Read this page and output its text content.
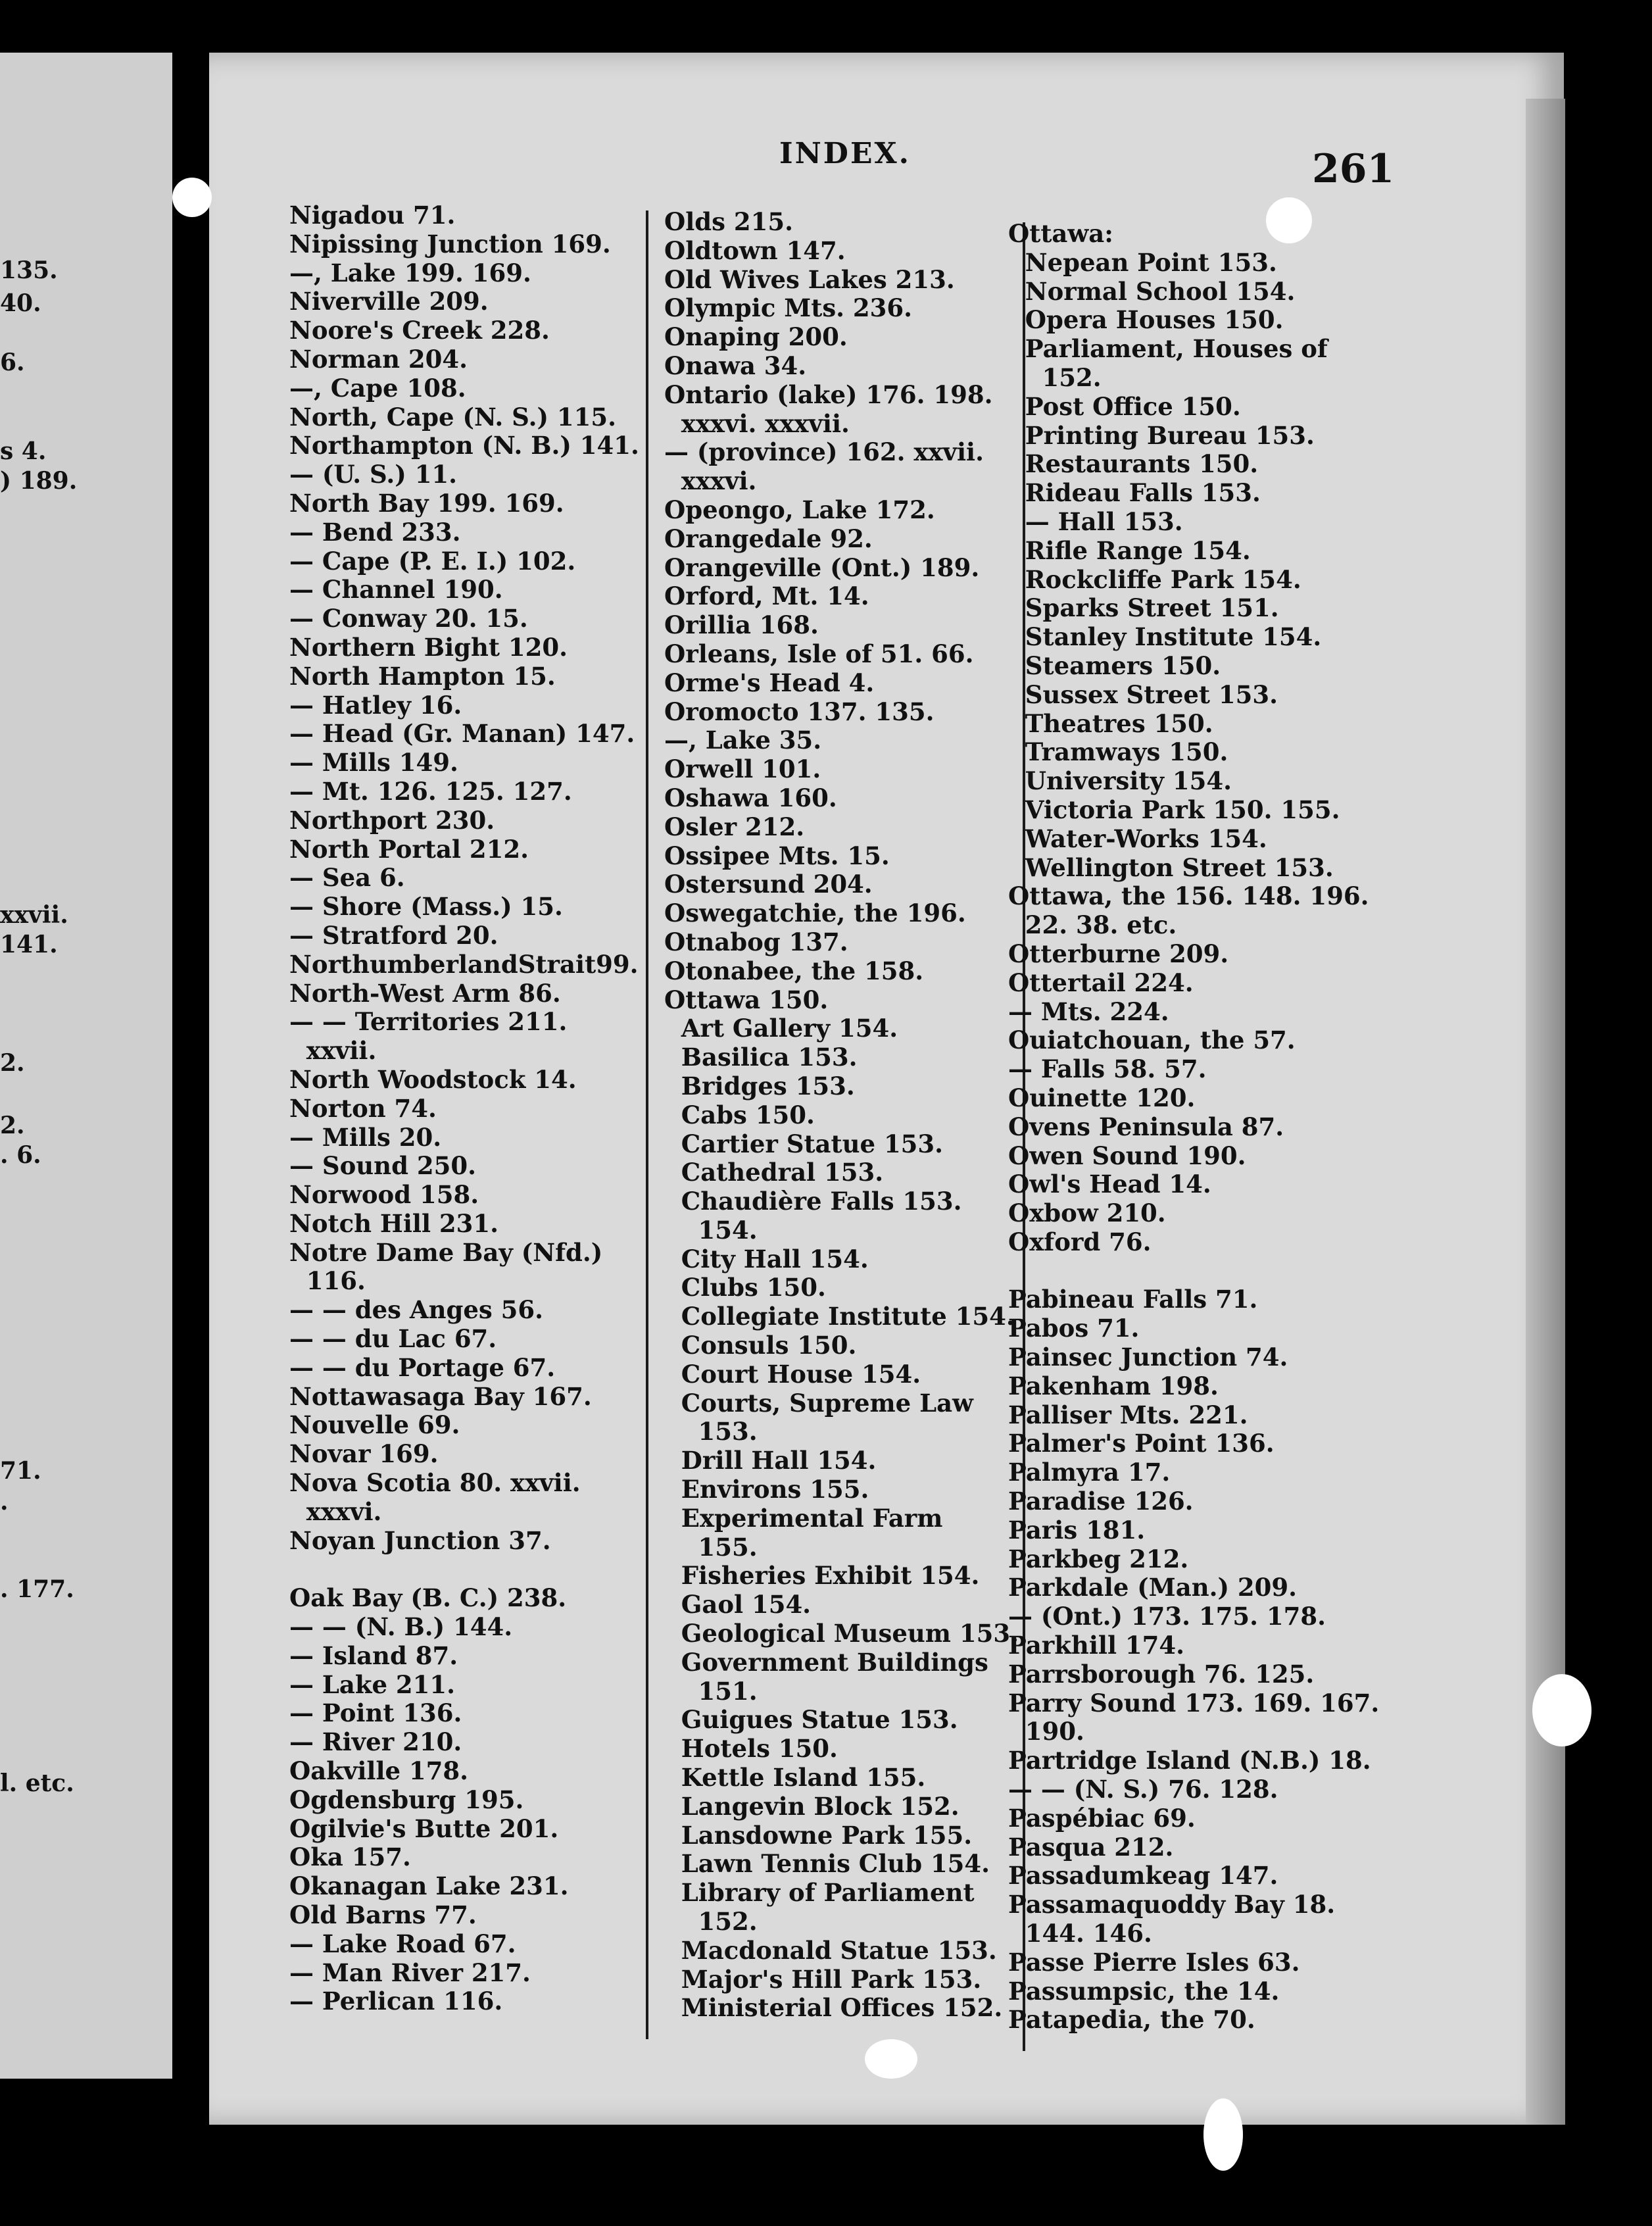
135.
40.
6.
s 4.
) 189.
xxvii.
141.
2.
2.
. 6.
71.
.
. 177.
l. etc.
INDEX.	261
Nigadou 71.
Nipissing Junction 169.
—, Lake 199. 169.
Niverville 209.
Noore's Creek 228.
Norman 204.
—, Cape 108.
North, Cape (N. S.) 115.
Northampton (N. B.) 141.
— (U. S.) 11.
North Bay 199. 169.
— Bend 233.
— Cape (P. E. I.) 102.
— Channel 190.
— Conway 20. 15.
Northern Bight 120.
North Hampton 15.
— Hatley 16.
— Head (Gr. Manan) 147.
— Mills 149.
— Mt. 126. 125. 127.
Northport 230.
North Portal 212.
— Sea 6.
— Shore (Mass.) 15.
— Stratford 20.
NorthumberlandStrait99.
North-West Arm 86.
— — Territories 211.
xxvii.
North Woodstock 14.
Norton 74.
— Mills 20.
— Sound 250.
Norwood 158.
Notch Hill 231.
Notre Dame Bay (Nfd.)
116.
— — des Anges 56.
— — du Lac 67.
— — du Portage 67.
Nottawasaga Bay 167.
Nouvelle 69.
Novar 169.
Nova Scotia 80. xxvii.
xxxvi.
Noyan Junction 37.
Oak Bay (B. C.) 238.
— — (N. B.) 144.
— Island 87.
— Lake 211.
— Point 136.
— River 210.
Oakville 178.
Ogdensburg 195.
Ogilvie's Butte 201.
Oka 157.
Okanagan Lake 231.
Old Barns 77.
— Lake Road 67.
— Man River 217.
— Perlican 116.
Olds 215.
Oldtown 147.
Old Wives Lakes 213.
Olympic Mts. 236.
Onaping 200.
Onawa 34.
Ontario (lake) 176. 198.
xxxvi. xxxvii.
— (province) 162. xxvii.
xxxvi.
Opeongo, Lake 172.
Orangedale 92.
Orangeville (Ont.) 189.
Orford, Mt. 14.
Orillia 168.
Orleans, Isle of 51. 66.
Orme's Head 4.
Oromocto 137. 135.
—, Lake 35.
Orwell 101.
Oshawa 160.
Osler 212.
Ossipee Mts. 15.
Ostersund 204.
Oswegatchie, the 196.
Otnabog 137.
Otonabee, the 158.
Ottawa 150.
Art Gallery 154.
Basilica 153.
Bridges 153.
Cabs 150.
Cartier Statue 153.
Cathedral 153.
Chaudière Falls 153.
154.
City Hall 154.
Clubs 150.
Collegiate Institute 154.
Consuls 150.
Court House 154.
Courts, Supreme Law
153.
Drill Hall 154.
Environs 155.
Experimental Farm
155.
Fisheries Exhibit 154.
Gaol 154.
Geological Museum 153.
Government Buildings
151.
Guigues Statue 153.
Hotels 150.
Kettle Island 155.
Langevin Block 152.
Lansdowne Park 155.
Lawn Tennis Club 154.
Library of Parliament
152.
Macdonald Statue 153.
Major's Hill Park 153.
Ministerial Offices 152.
Ottawa:
Nepean Point 153.
Normal School 154.
Opera Houses 150.
Parliament, Houses of
152.
Post Office 150.
Printing Bureau 153.
Restaurants 150.
Rideau Falls 153.
— Hall 153.
Rifle Range 154.
Rockcliffe Park 154.
Sparks Street 151.
Stanley Institute 154.
Steamers 150.
Sussex Street 153.
Theatres 150.
Tramways 150.
University 154.
Victoria Park 150. 155.
Water-Works 154.
Wellington Street 153.
Ottawa, the 156. 148. 196.
22. 38. etc.
Otterburne 209.
Ottertail 224.
— Mts. 224.
Ouiatchouan, the 57.
— Falls 58. 57.
Ouinette 120.
Ovens Peninsula 87.
Owen Sound 190.
Owl's Head 14.
Oxbow 210.
Oxford 76.
Pabineau Falls 71.
Pabos 71.
Painsec Junction 74.
Pakenham 198.
Palliser Mts. 221.
Palmer's Point 136.
Palmyra 17.
Paradise 126.
Paris 181.
Parkbeg 212.
Parkdale (Man.) 209.
— (Ont.) 173. 175. 178.
Parkhill 174.
Parrsborough 76. 125.
Parry Sound 173. 169. 167.
190.
Partridge Island (N.B.) 18.
— — (N. S.) 76. 128.
Paspébiac 69.
Pasqua 212.
Passadumkeag 147.
Passamaquoddy Bay 18.
144. 146.
Passe Pierre Isles 63.
Passumpsic, the 14.
Patapedia, the 70.
